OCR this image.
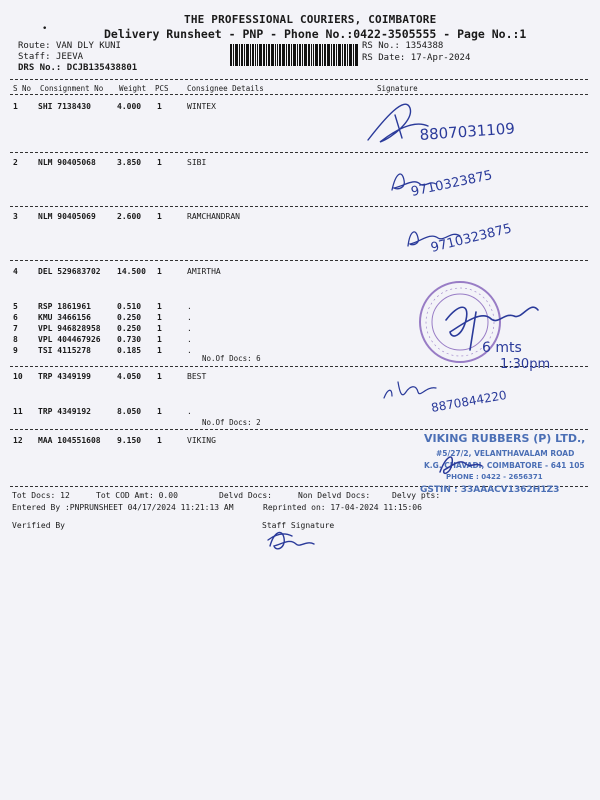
•
THE PROFESSIONAL COURIERS, COIMBATORE
Delivery Runsheet - PNP - Phone No.:0422-3505555 - Page No.:1
Route: VAN DLY KUNI
Staff: JEEVA
DRS No.: DCJB135438801
RS No.: 1354388
RS Date: 17-Apr-2024
S No Consignment No Weight PCS Consignee Details	Signature
1	SHI 7138430	4.000 1	WINTEX
2	NLM 90405068	3.850 1	SIBI
3	NLM 90405069	2.600 1	RAMCHANDRAN
4	DEL 529683702 14.500 1	AMIRTHA
5	RSP 1861961	0.510 1	.
6	KMU 3466156	0.250 1	.
7	VPL 946828958 0.250 1	.
8	VPL 404467926 0.730 1	.
9	TSI 4115278	0.185 1	.
No.Of Docs: 6
10 TRP 4349199	4.050 1	BEST
11 TRP 4349192	8.050 1	.
No.Of Docs: 2
12 MAA 104551608 9.150 1	VIKING
Tot Docs: 12	Tot COD Amt: 0.00	Delvd Docs:	Non Delvd Docs:	Delvy pts:
Entered By :PNPRUNSHEET 04/17/2024 11:21:13 AM	Reprinted on: 17-04-2024 11:15:06
Verified By	Staff Signature
8807031109
9710323875
9710323875
6 mts
1:30pm
8870844220
VIKING RUBBERS (P) LTD.,
#5/27/2, VELANTHAVALAM ROAD
K.G. CHAVADI, COIMBATORE - 641 105
PHONE : 0422 - 2656371
GSTIN : 33AAACV1362H1Z3
